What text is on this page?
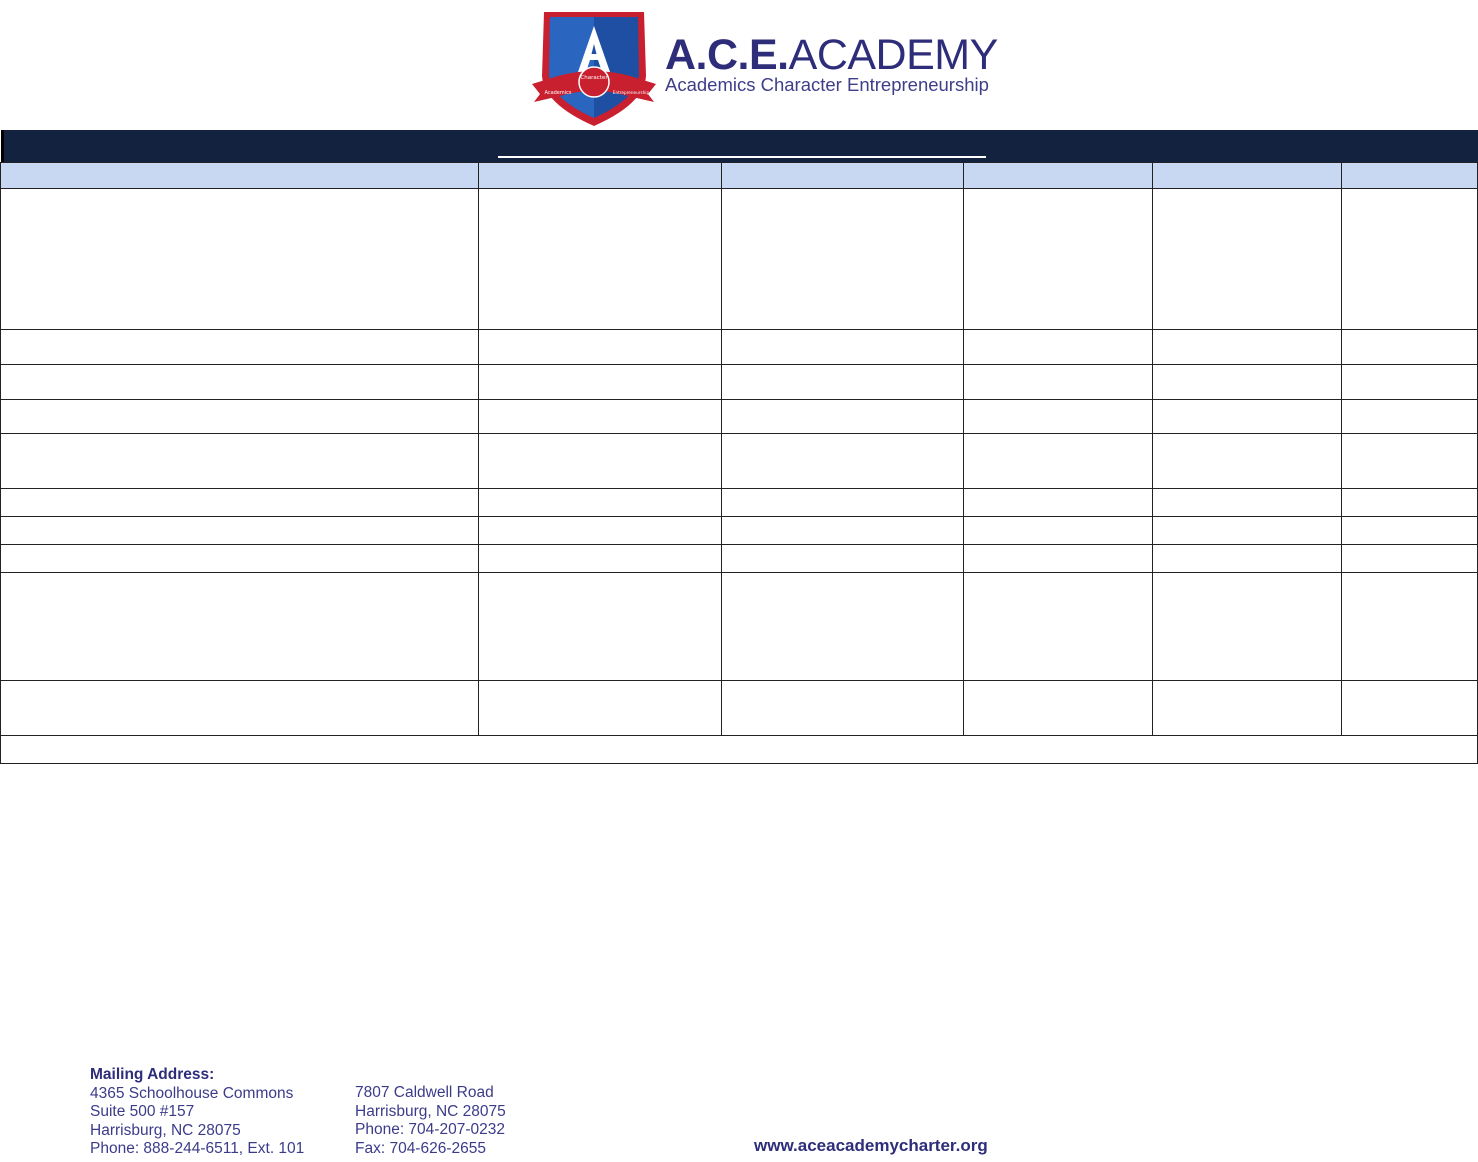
Character
Academics	Entrepreneurship
A.C.E.ACADEMY
Academics Character Entrepreneurship

Mailing Address:
4365 Schoolhouse Commons
Suite 500 #157
Harrisburg, NC 28075
Phone: 888-244-6511, Ext. 101
7807 Caldwell Road
Harrisburg, NC 28075
Phone: 704-207-0232
Fax: 704-626-2655	www.aceacademycharter.org
